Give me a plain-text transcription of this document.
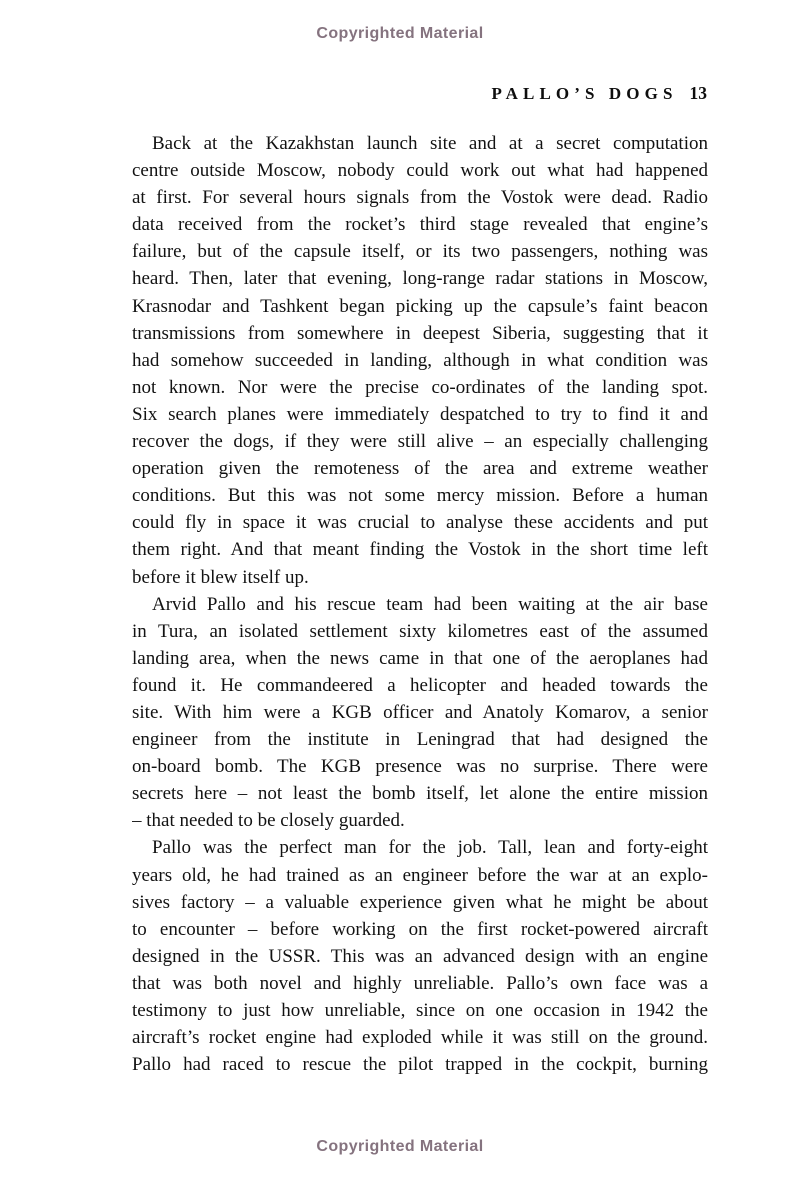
Copyrighted Material
PALLO’S DOGS 13
Back at the Kazakhstan launch site and at a secret computation
centre outside Moscow, nobody could work out what had happened
at first. For several hours signals from the Vostok were dead. Radio
data received from the rocket’s third stage revealed that engine’s
failure, but of the capsule itself, or its two passengers, nothing was
heard. Then, later that evening, long-range radar stations in Moscow,
Krasnodar and Tashkent began picking up the capsule’s faint beacon
transmissions from somewhere in deepest Siberia, suggesting that it
had somehow succeeded in landing, although in what condition was
not known. Nor were the precise co-ordinates of the landing spot.
Six search planes were immediately despatched to try to find it and
recover the dogs, if they were still alive – an especially challenging
operation given the remoteness of the area and extreme weather
conditions. But this was not some mercy mission. Before a human
could fly in space it was crucial to analyse these accidents and put
them right. And that meant finding the Vostok in the short time left
before it blew itself up.
Arvid Pallo and his rescue team had been waiting at the air base
in Tura, an isolated settlement sixty kilometres east of the assumed
landing area, when the news came in that one of the aeroplanes had
found it. He commandeered a helicopter and headed towards the
site. With him were a KGB officer and Anatoly Komarov, a senior
engineer from the institute in Leningrad that had designed the
on-board bomb. The KGB presence was no surprise. There were
secrets here – not least the bomb itself, let alone the entire mission
– that needed to be closely guarded.
Pallo was the perfect man for the job. Tall, lean and forty-eight
years old, he had trained as an engineer before the war at an explo-
sives factory – a valuable experience given what he might be about
to encounter – before working on the first rocket-powered aircraft
designed in the USSR. This was an advanced design with an engine
that was both novel and highly unreliable. Pallo’s own face was a
testimony to just how unreliable, since on one occasion in 1942 the
aircraft’s rocket engine had exploded while it was still on the ground.
Pallo had raced to rescue the pilot trapped in the cockpit, burning
Copyrighted Material
